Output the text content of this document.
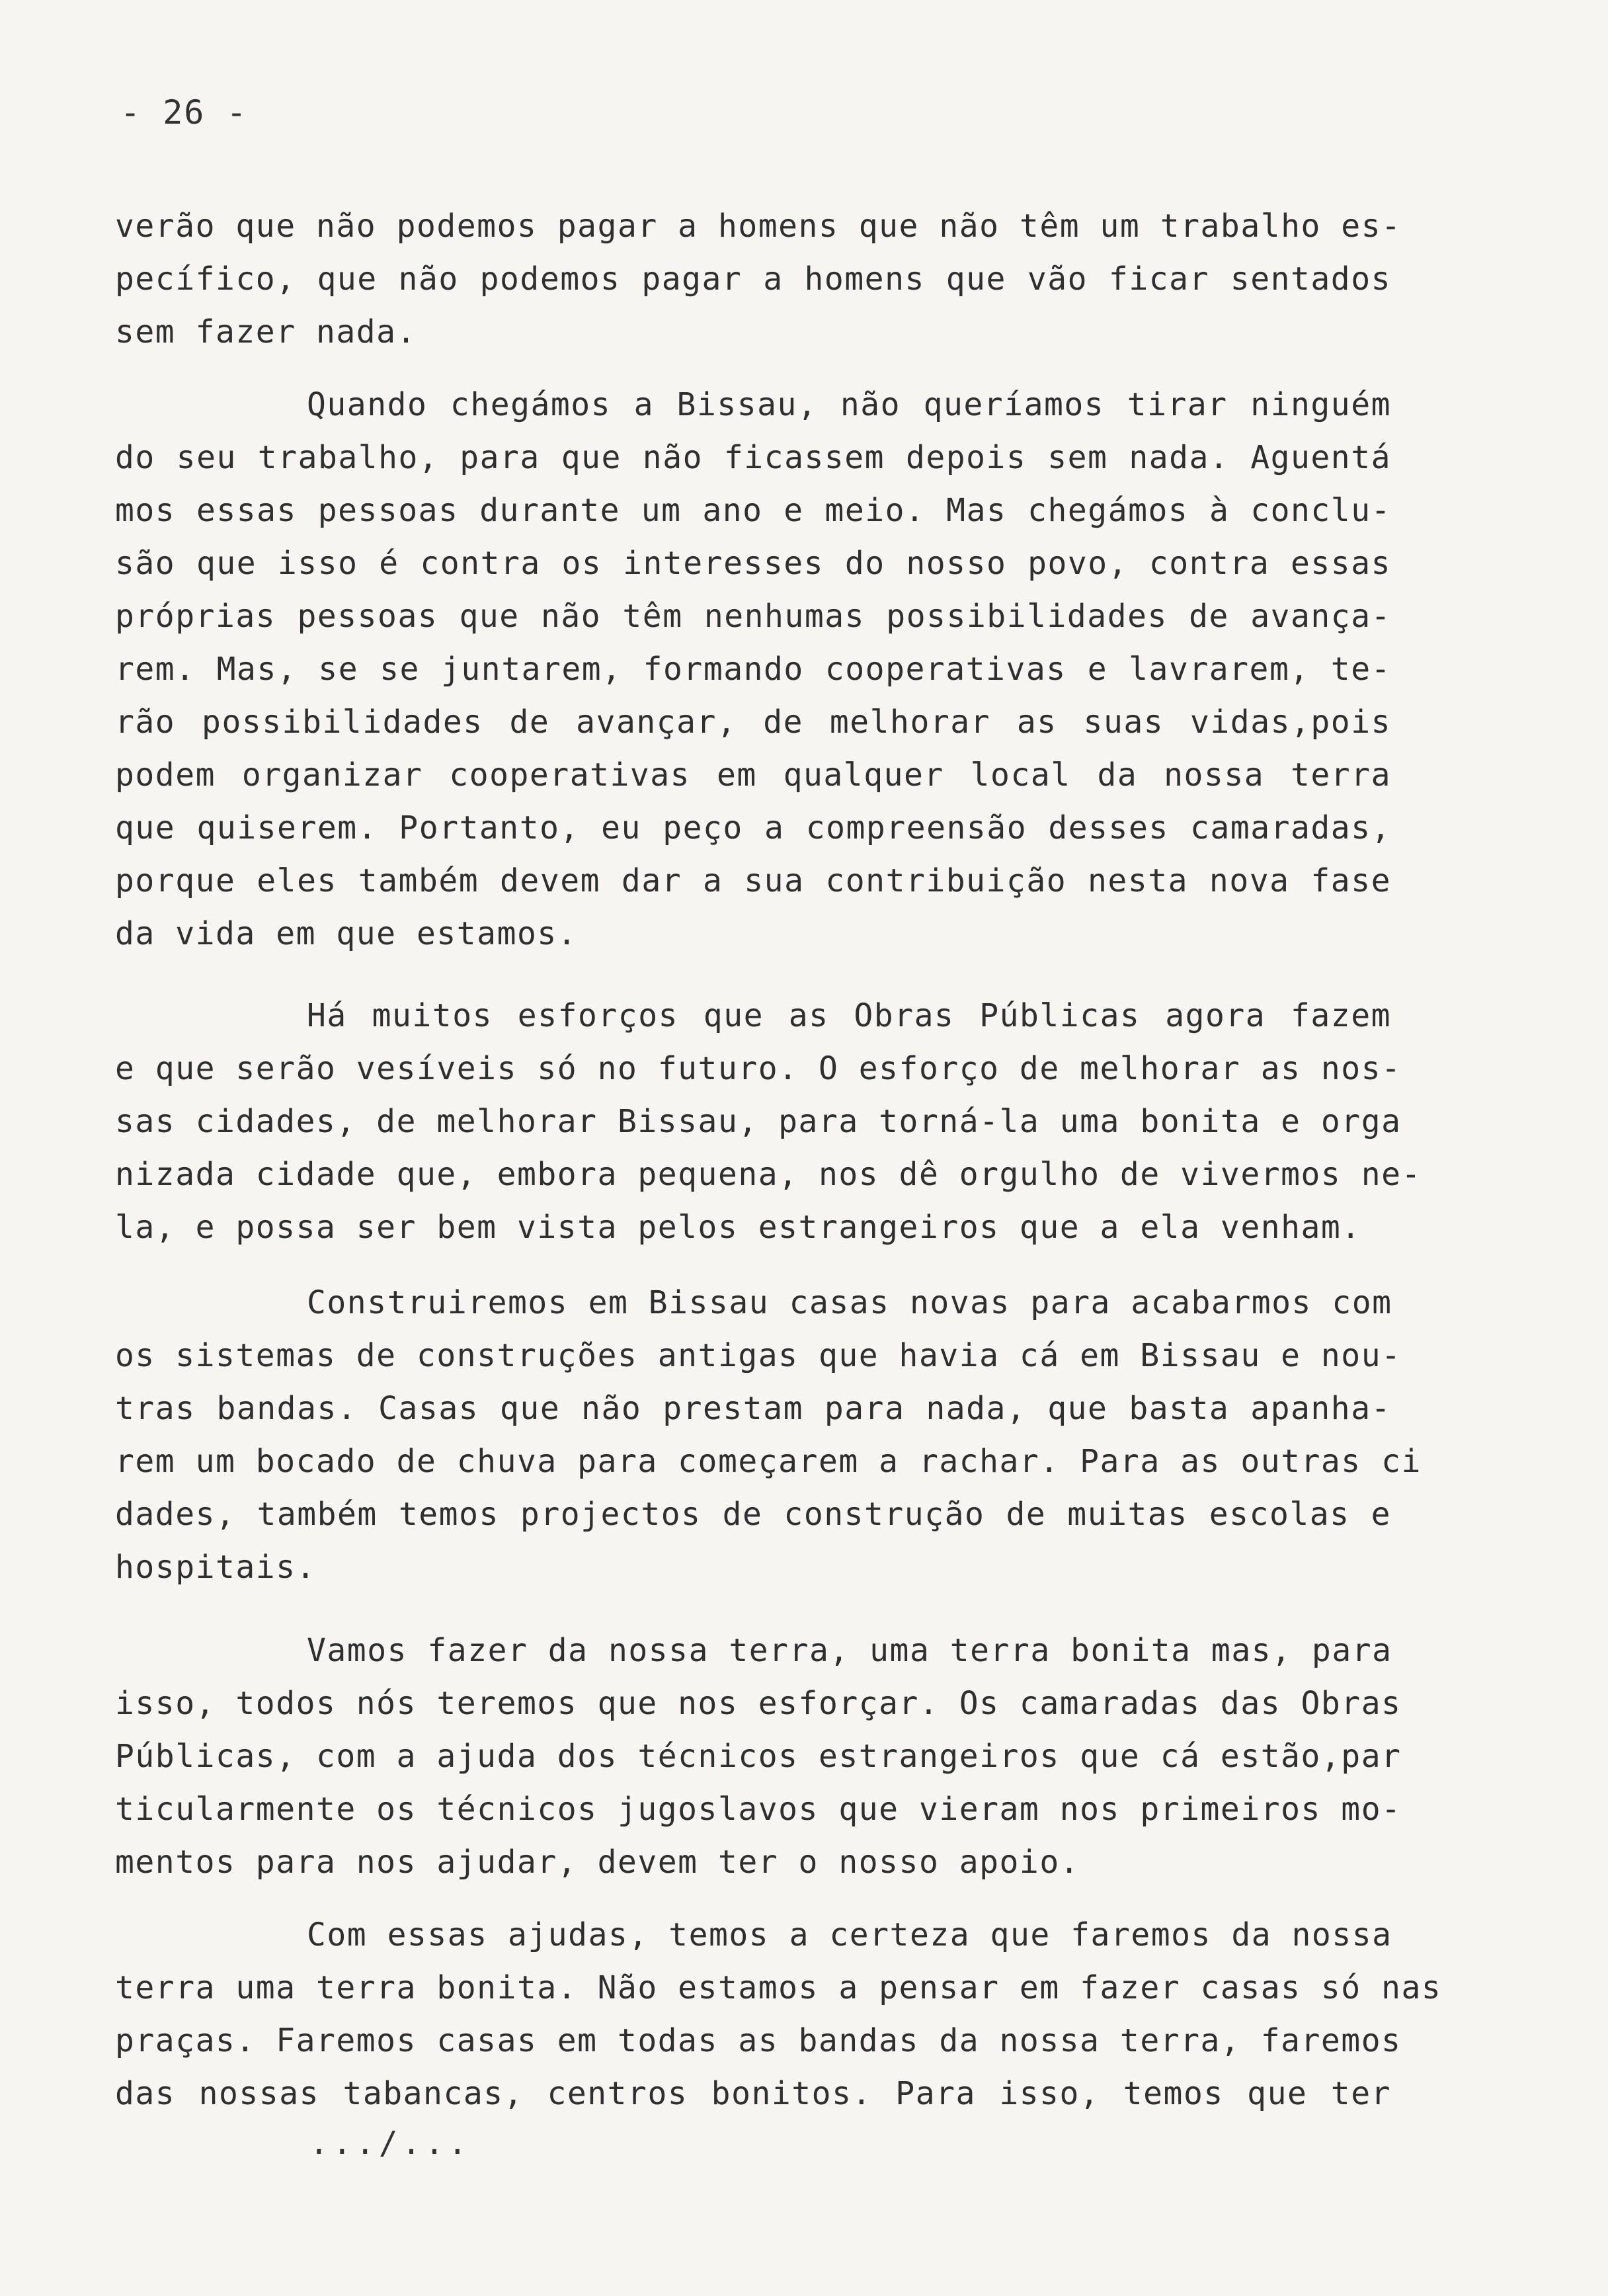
- 26 -
verão que não podemos pagar a homens que não têm um trabalho es-
pecífico, que não podemos pagar a homens que vão ficar sentados
sem fazer nada.
Quando chegámos a Bissau, não queríamos tirar ninguém
do seu trabalho, para que não ficassem depois sem nada. Aguentá
mos essas pessoas durante um ano e meio. Mas chegámos à conclu-
são que isso é contra os interesses do nosso povo, contra essas
próprias pessoas que não têm nenhumas possibilidades de avança-
rem. Mas, se se juntarem, formando cooperativas e lavrarem, te-
rão possibilidades de avançar, de melhorar as suas vidas,pois
podem organizar cooperativas em qualquer local da nossa terra
que quiserem. Portanto, eu peço a compreensão desses camaradas,
porque eles também devem dar a sua contribuição nesta nova fase
da vida em que estamos.
Há muitos esforços que as Obras Públicas agora fazem
e que serão vesíveis só no futuro. O esforço de melhorar as nos-
sas cidades, de melhorar Bissau, para torná-la uma bonita e orga
nizada cidade que, embora pequena, nos dê orgulho de vivermos ne-
la, e possa ser bem vista pelos estrangeiros que a ela venham.
Construiremos em Bissau casas novas para acabarmos com
os sistemas de construções antigas que havia cá em Bissau e nou-
tras bandas. Casas que não prestam para nada, que basta apanha-
rem um bocado de chuva para começarem a rachar. Para as outras ci
dades, também temos projectos de construção de muitas escolas e
hospitais.
Vamos fazer da nossa terra, uma terra bonita mas, para
isso, todos nós teremos que nos esforçar. Os camaradas das Obras
Públicas, com a ajuda dos técnicos estrangeiros que cá estão,par
ticularmente os técnicos jugoslavos que vieram nos primeiros mo-
mentos para nos ajudar, devem ter o nosso apoio.
Com essas ajudas, temos a certeza que faremos da nossa
terra uma terra bonita. Não estamos a pensar em fazer casas só nas
praças. Faremos casas em todas as bandas da nossa terra, faremos
das nossas tabancas, centros bonitos. Para isso, temos que ter
.../...
